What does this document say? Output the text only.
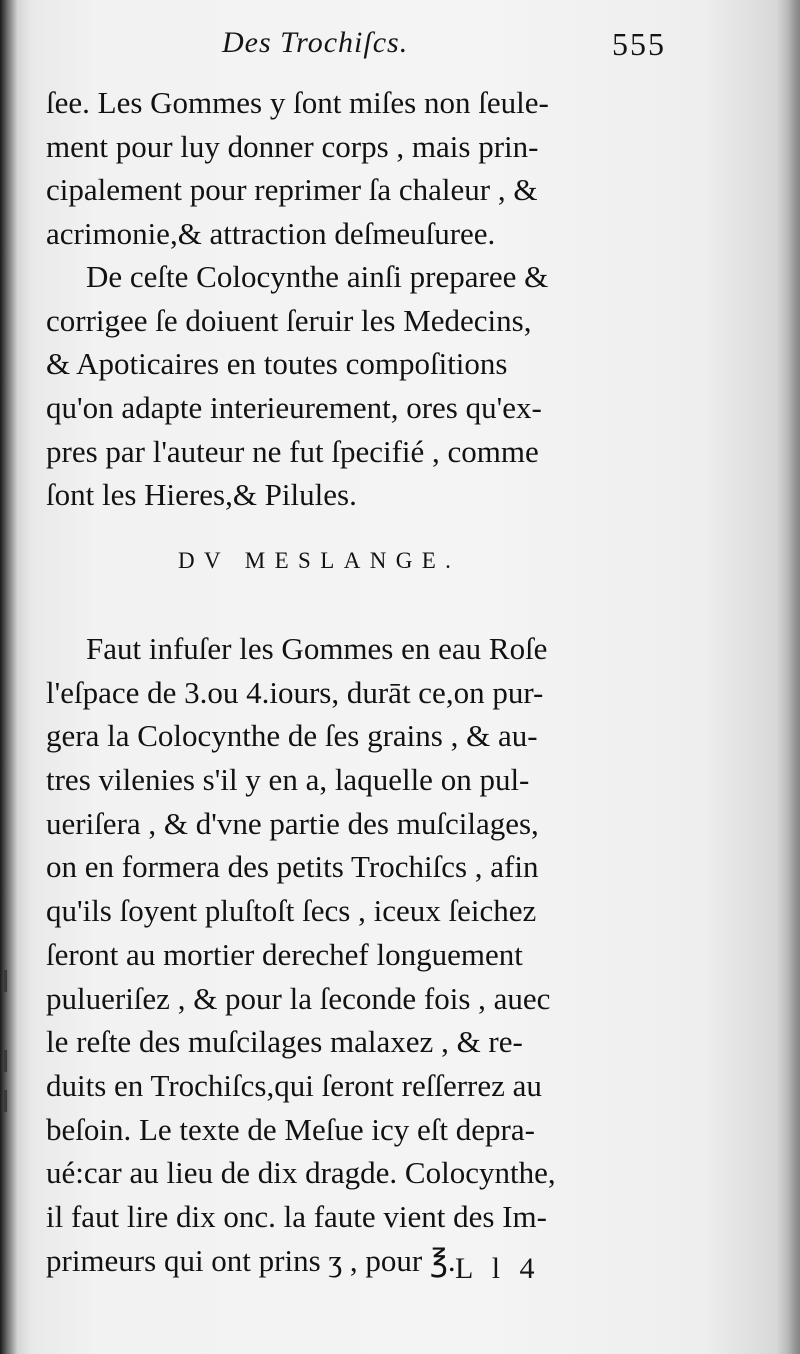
Des Trochiſcs.	555
ſee. Les Gommes y ſont miſes non ſeule-
ment pour luy donner corps , mais prin-
cipalement pour reprimer ſa chaleur , &
acrimonie,& attraction deſmeuſuree.
De ceſte Colocynthe ainſi preparee &
corrigee ſe doiuent ſeruir les Medecins,
& Apoticaires en toutes compoſitions
qu'on adapte interieurement, ores qu'ex-
pres par l'auteur ne fut ſpecifié , comme
ſont les Hieres,& Pilules.
DV MESLANGE.
Faut infuſer les Gommes en eau Roſe
l'eſpace de 3.ou 4.iours, durāt ce,on pur-
gera la Colocynthe de ſes grains , & au-
tres vilenies s'il y en a, laquelle on pul-
ueriſera , & d'vne partie des muſcilages,
on en formera des petits Trochiſcs , afin
qu'ils ſoyent pluſtoſt ſecs , iceux ſeichez
ſeront au mortier derechef longuement
pulueriſez , & pour la ſeconde fois , auec
le reſte des muſcilages malaxez , & re-
duits en Trochiſcs,qui ſeront reſſerrez au
beſoin. Le texte de Meſue icy eſt depra-
ué:car au lieu de dix dragde. Colocynthe,
il faut lire dix onc. la faute vient des Im-
primeurs qui ont prins ʒ , pour ℥. L l 4
